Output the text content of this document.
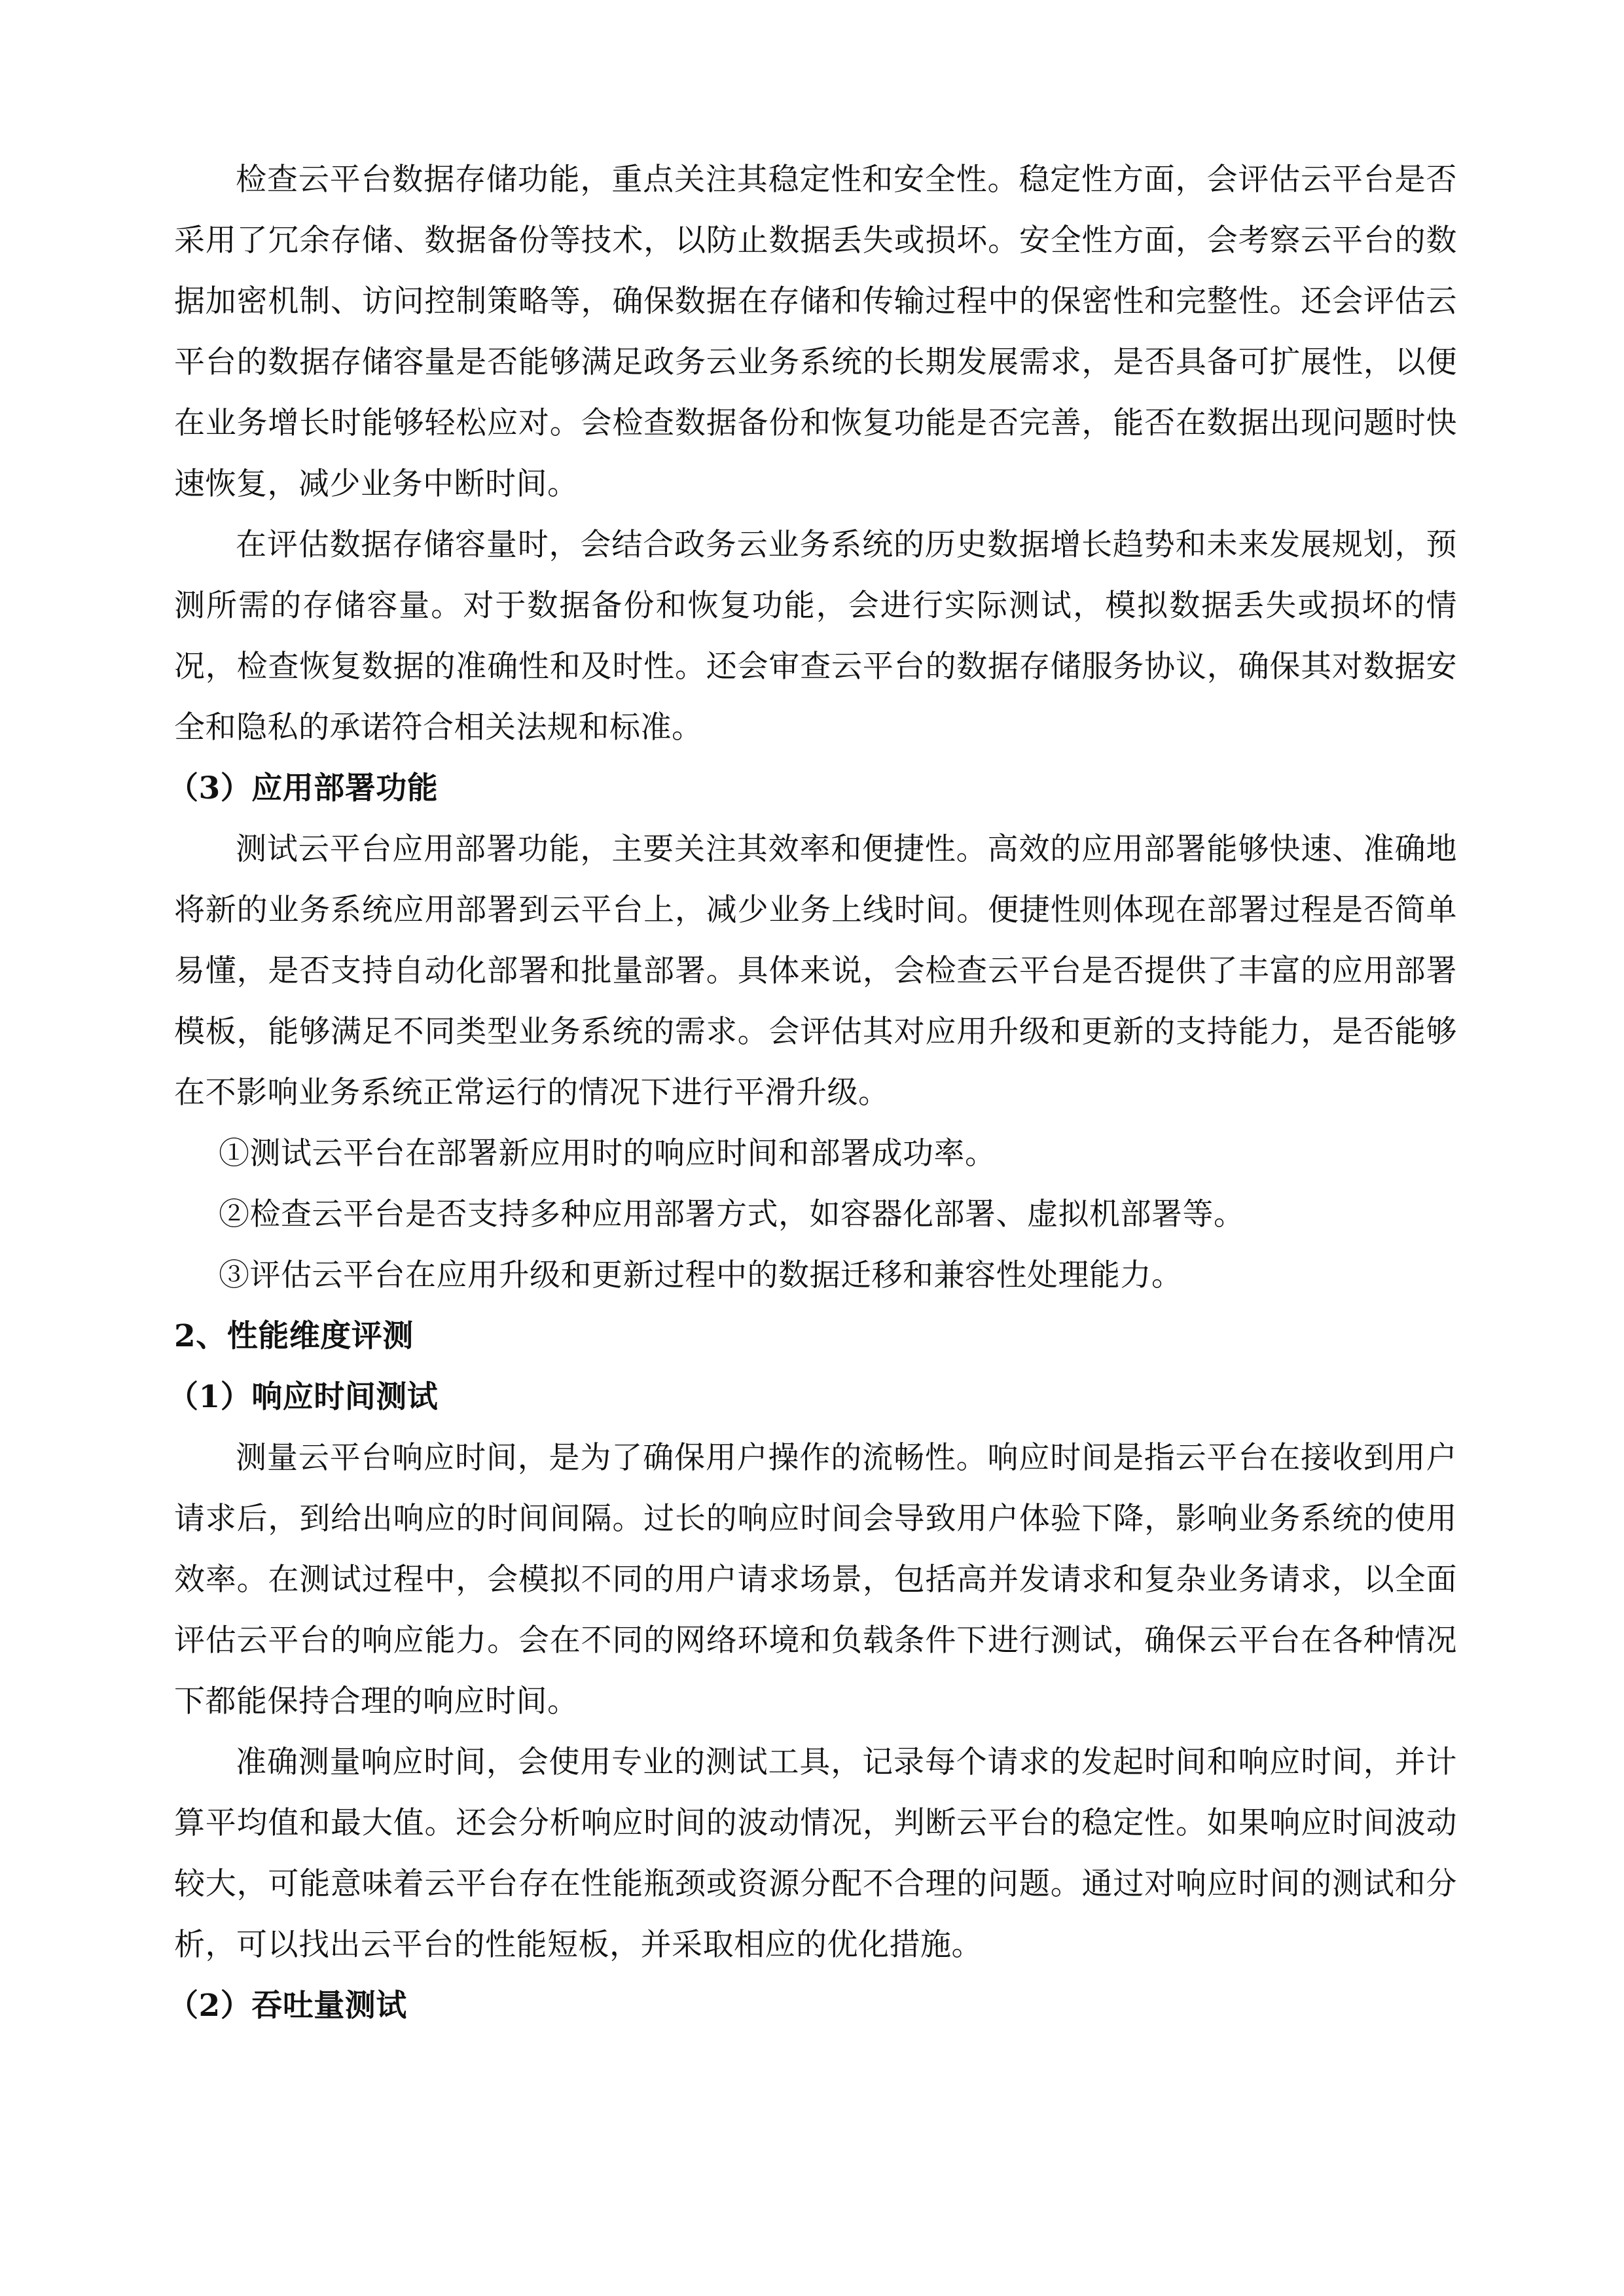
检查云平台数据存储功能，重点关注其稳定性和安全性。稳定性方面，会评估云平台是否采用了冗余存储、数据备份等技术，以防止数据丢失或损坏。安全性方面，会考察云平台的数据加密机制、访问控制策略等，确保数据在存储和传输过程中的保密性和完整性。还会评估云平台的数据存储容量是否能够满足政务云业务系统的长期发展需求，是否具备可扩展性，以便在业务增长时能够轻松应对。会检查数据备份和恢复功能是否完善，能否在数据出现问题时快速恢复，减少业务中断时间。

在评估数据存储容量时，会结合政务云业务系统的历史数据增长趋势和未来发展规划，预测所需的存储容量。对于数据备份和恢复功能，会进行实际测试，模拟数据丢失或损坏的情况，检查恢复数据的准确性和及时性。还会审查云平台的数据存储服务协议，确保其对数据安全和隐私的承诺符合相关法规和标准。

（3）应用部署功能

测试云平台应用部署功能，主要关注其效率和便捷性。高效的应用部署能够快速、准确地将新的业务系统应用部署到云平台上，减少业务上线时间。便捷性则体现在部署过程是否简单易懂，是否支持自动化部署和批量部署。具体来说，会检查云平台是否提供了丰富的应用部署模板，能够满足不同类型业务系统的需求。会评估其对应用升级和更新的支持能力，是否能够在不影响业务系统正常运行的情况下进行平滑升级。

①测试云平台在部署新应用时的响应时间和部署成功率。

②检查云平台是否支持多种应用部署方式，如容器化部署、虚拟机部署等。

③评估云平台在应用升级和更新过程中的数据迁移和兼容性处理能力。

2、性能维度评测

（1）响应时间测试

测量云平台响应时间，是为了确保用户操作的流畅性。响应时间是指云平台在接收到用户请求后，到给出响应的时间间隔。过长的响应时间会导致用户体验下降，影响业务系统的使用效率。在测试过程中，会模拟不同的用户请求场景，包括高并发请求和复杂业务请求，以全面评估云平台的响应能力。会在不同的网络环境和负载条件下进行测试，确保云平台在各种情况下都能保持合理的响应时间。

准确测量响应时间，会使用专业的测试工具，记录每个请求的发起时间和响应时间，并计算平均值和最大值。还会分析响应时间的波动情况，判断云平台的稳定性。如果响应时间波动较大，可能意味着云平台存在性能瓶颈或资源分配不合理的问题。通过对响应时间的测试和分析，可以找出云平台的性能短板，并采取相应的优化措施。

（2）吞吐量测试
